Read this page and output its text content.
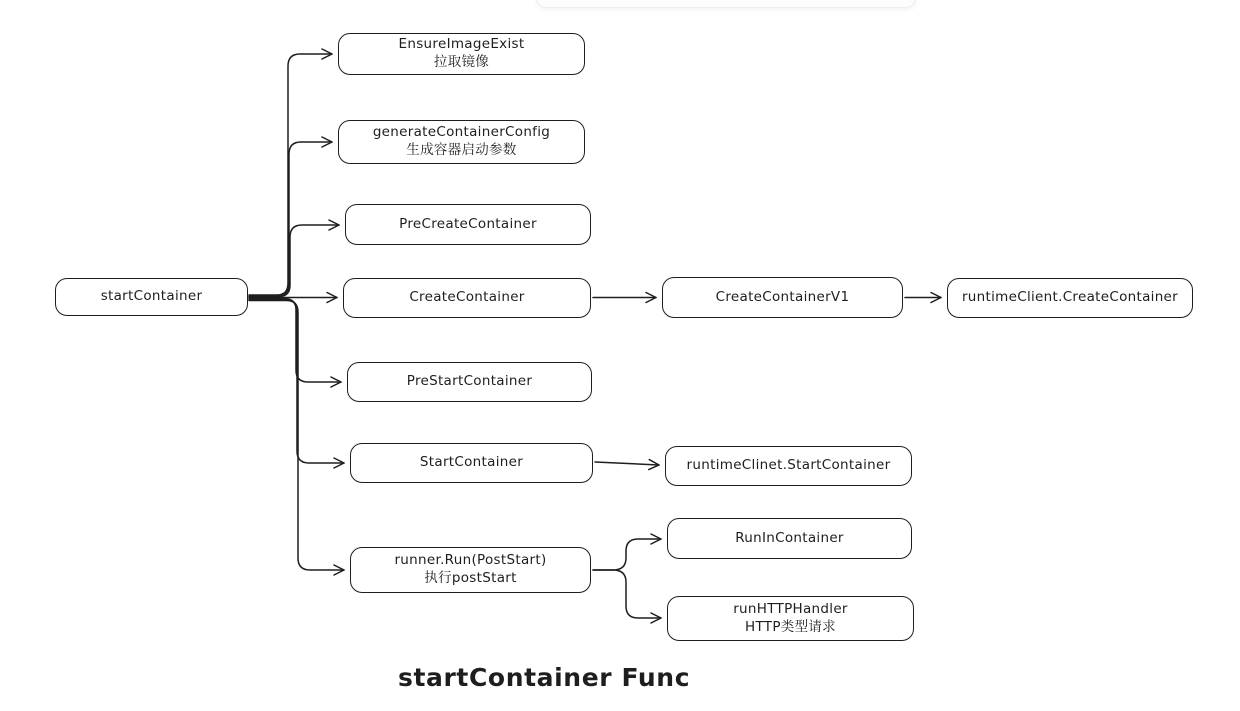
startContainer
EnsureImageExist
拉取镜像
generateContainerConfig
生成容器启动参数
PreCreateContainer
CreateContainer	CreateContainerV1	runtimeClient.CreateContainer
PreStartContainer
StartContainer	runtimeClinet.StartContainer
runner.Run(PostStart)
执行postStart
RunInContainer
runHTTPHandler
HTTP类型请求
startContainer Func
